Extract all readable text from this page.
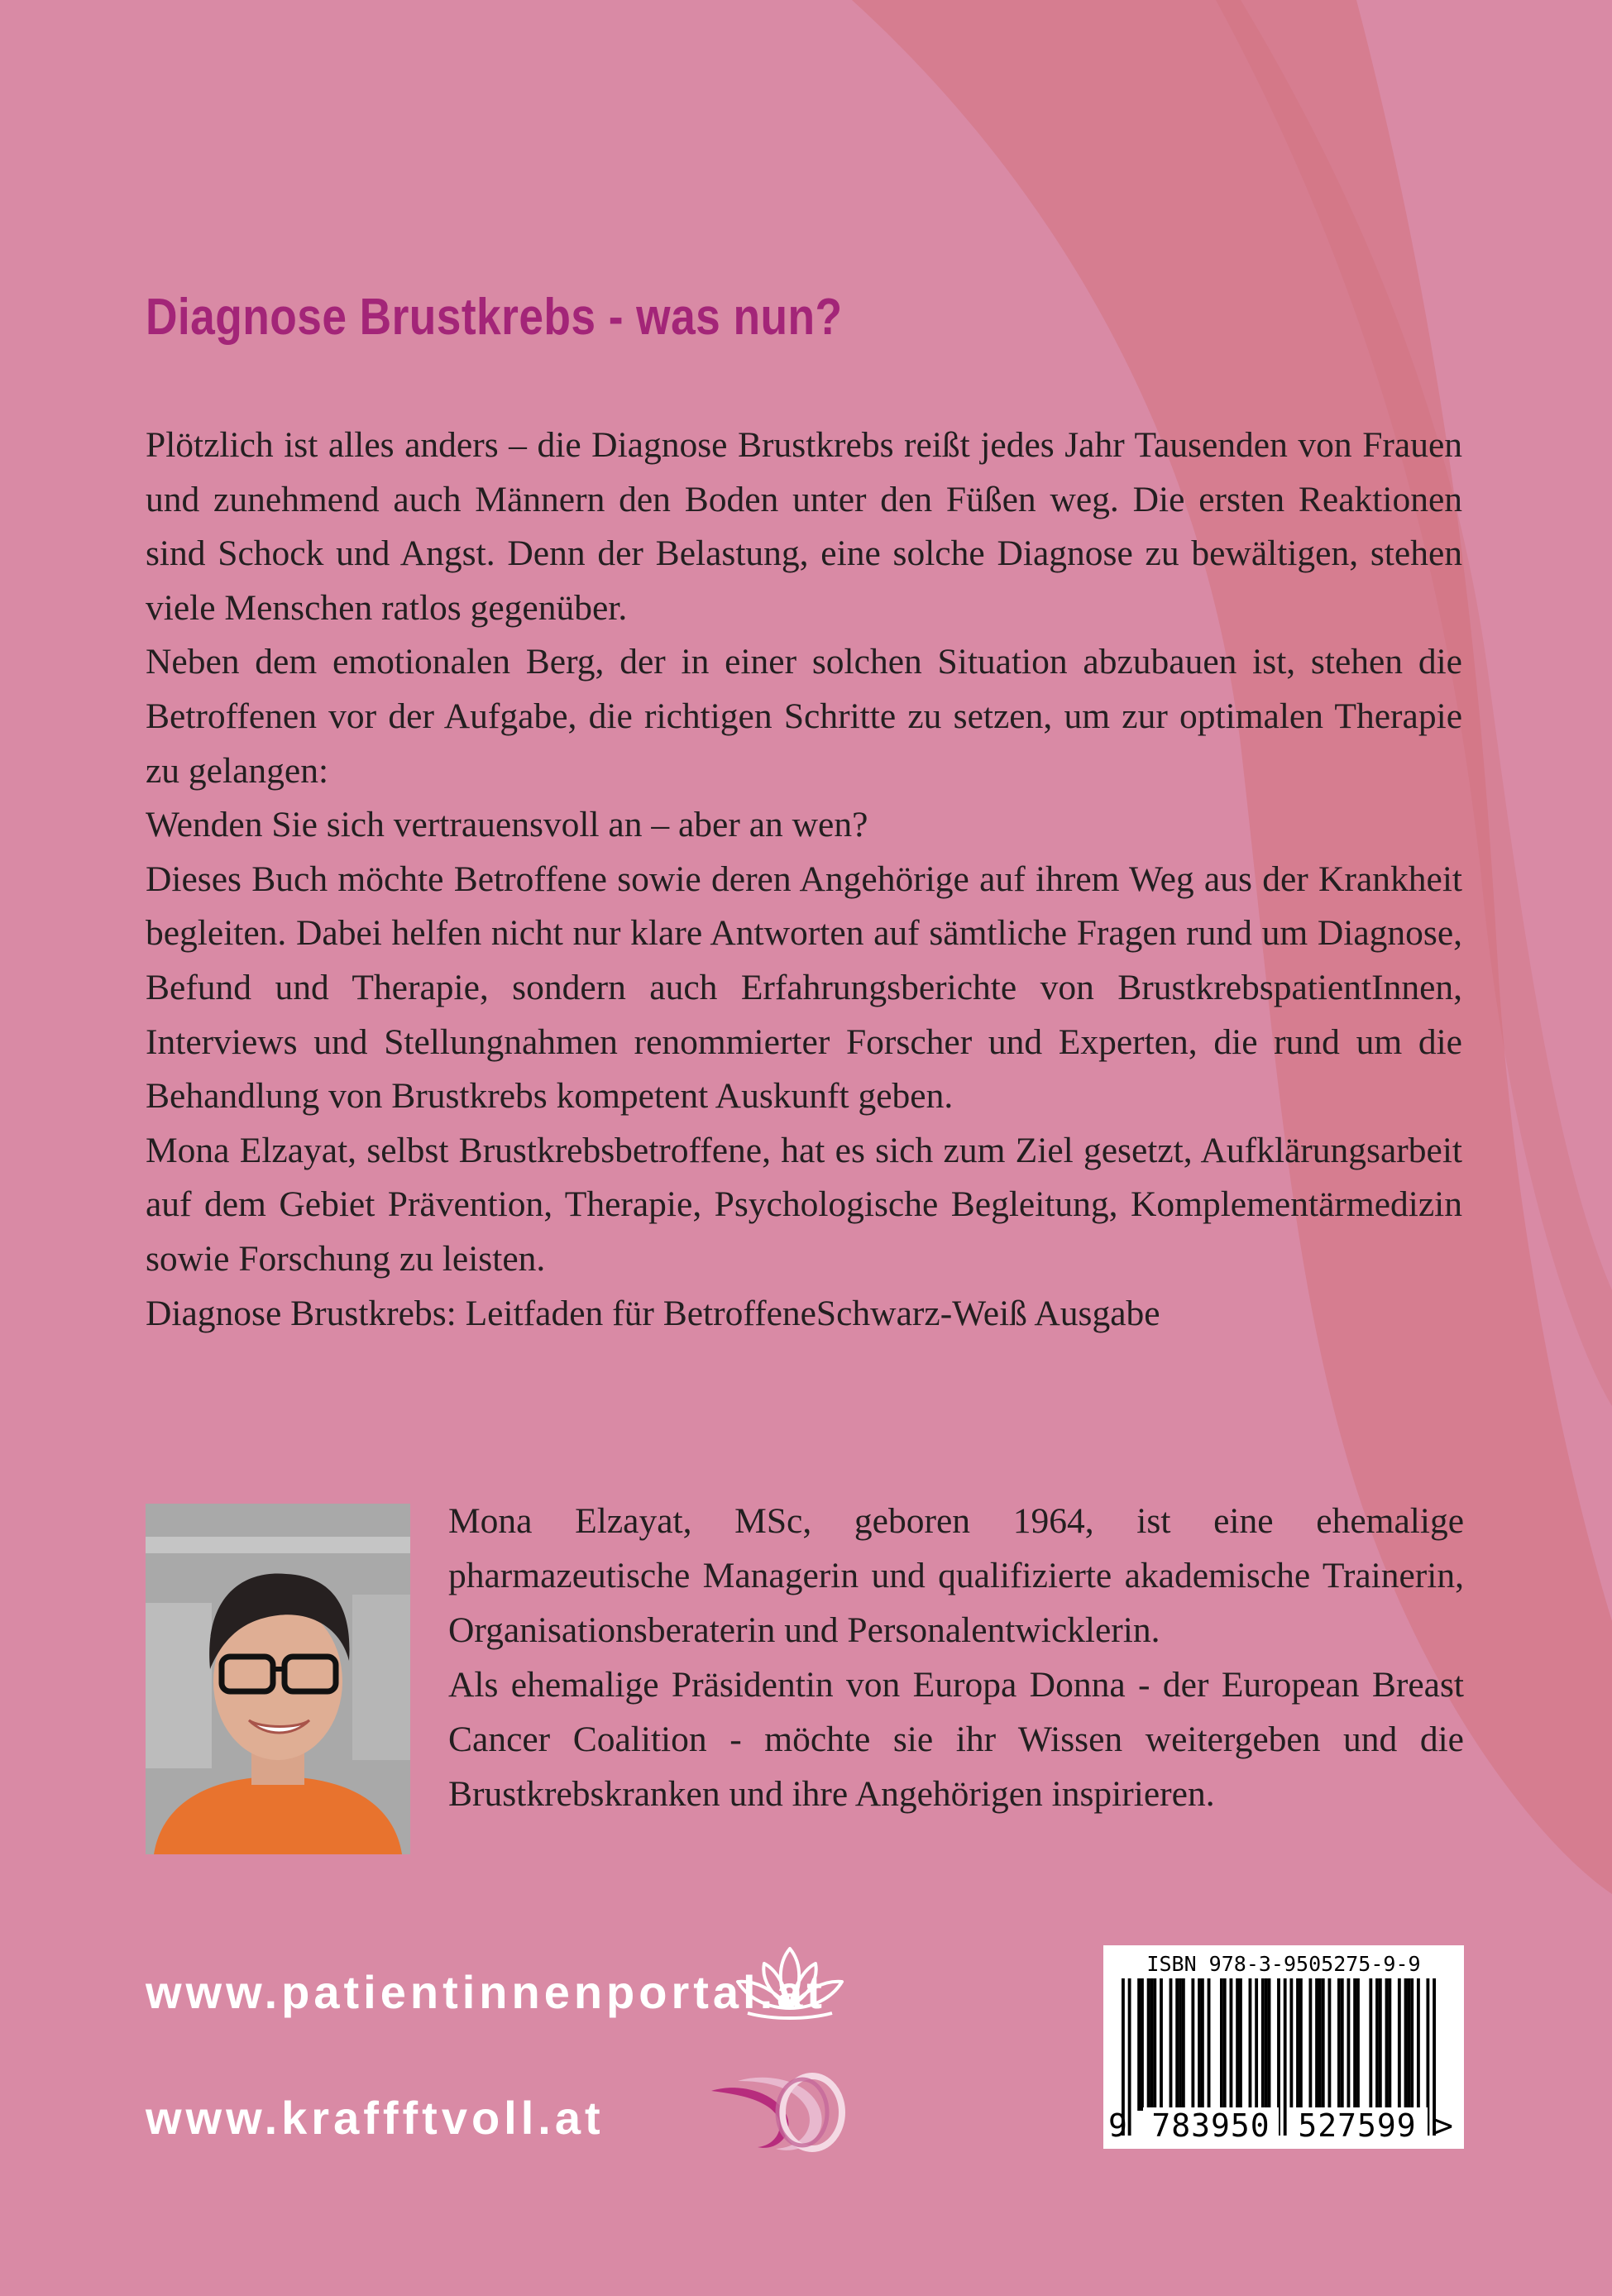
Diagnose Brustkrebs - was nun?

Plötzlich ist alles anders – die Diagnose Brustkrebs reißt jedes Jahr Tausenden von Frauen und zunehmend auch Männern den Boden unter den Füßen weg. Die ersten Reaktionen sind Schock und Angst. Denn der Belastung, eine solche Diagnose zu bewältigen, stehen viele Menschen ratlos gegenüber.

Neben dem emotionalen Berg, der in einer solchen Situation abzubauen ist, stehen die Betroffenen vor der Aufgabe, die richtigen Schritte zu setzen, um zur optimalen Therapie zu gelangen:

Wenden Sie sich vertrauensvoll an – aber an wen?

Dieses Buch möchte Betroffene sowie deren Angehörige auf ihrem Weg aus der Krankheit begleiten. Dabei helfen nicht nur klare Antworten auf sämtliche Fragen rund um Diagnose, Befund und Therapie, sondern auch Erfahrungsberichte von BrustkrebspatientInnen, Interviews und Stellungnahmen renommierter Forscher und Experten, die rund um die Behandlung von Brustkrebs kompetent Auskunft geben.

Mona Elzayat, selbst Brustkrebsbetroffene, hat es sich zum Ziel gesetzt, Aufklärungsarbeit auf dem Gebiet Prävention, Therapie, Psychologische Begleitung, Komplementärmedizin sowie Forschung zu leisten.

Diagnose Brustkrebs: Leitfaden für BetroffeneSchwarz-Weiß Ausgabe

Mona Elzayat, MSc, geboren 1964, ist eine ehemalige pharmazeutische Managerin und qualifizierte akademische Trainerin, Organisationsberaterin und Personalentwicklerin.

Als ehemalige Präsidentin von Europa Donna - der European Breast Cancer Coalition - möchte sie ihr Wissen weitergeben und die Brustkrebskranken und ihre Angehörigen inspirieren.

www.patientinnenportal.at
www.kraffftvoll.at
ISBN 978-3-9505275-9-9
9 783950 527599 >
